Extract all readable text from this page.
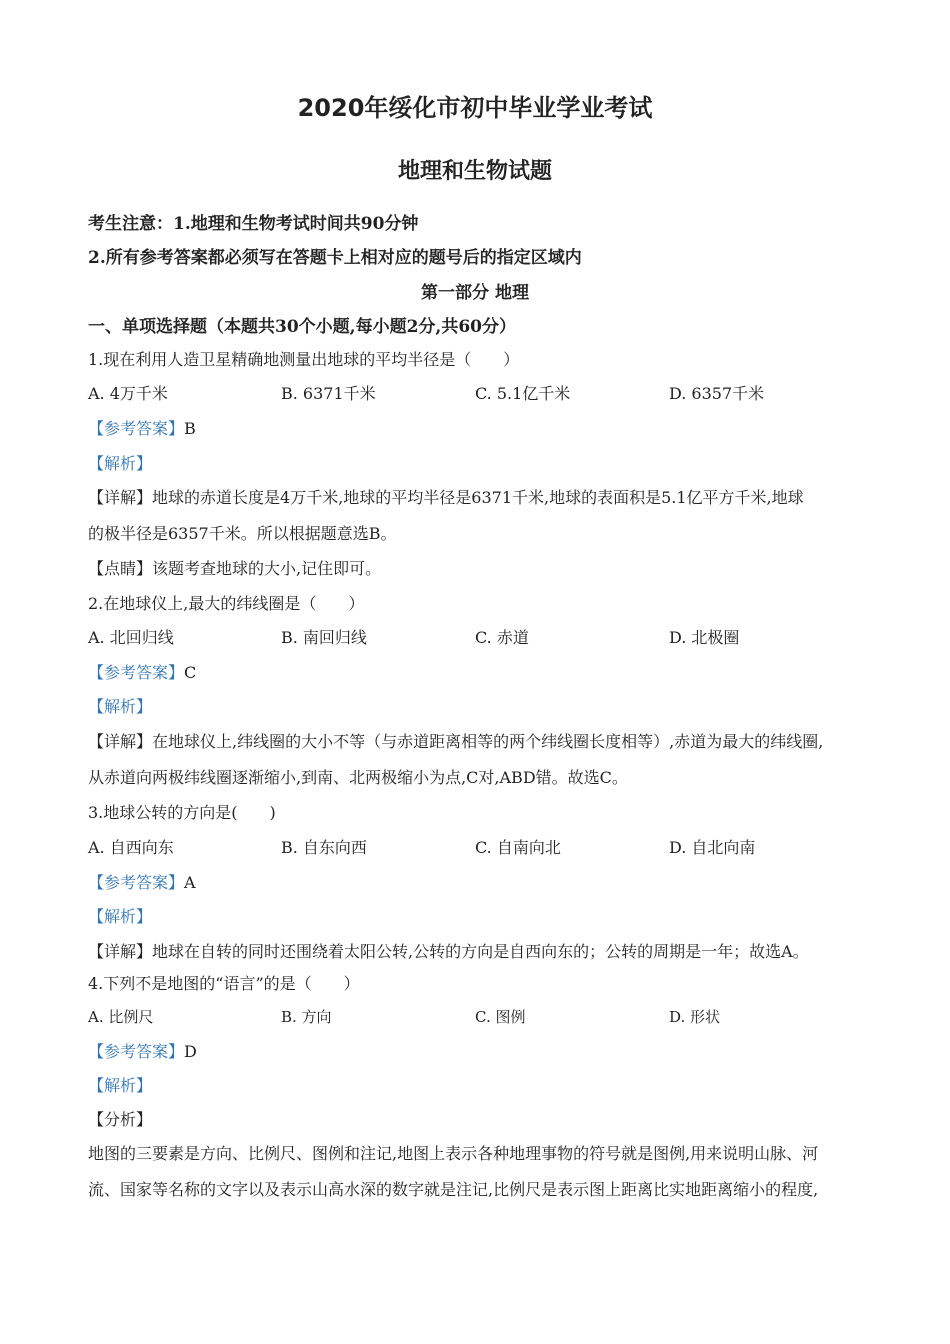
2020年绥化市初中毕业学业考试
地理和生物试题
考生注意：1.地理和生物考试时间共90分钟
2.所有参考答案都必须写在答题卡上相对应的题号后的指定区域内
第一部分 地理
一、单项选择题（本题共30个小题,每小题2分,共60分）
1.现在利用人造卫星精确地测量出地球的平均半径是（　　）
A. 4万千米	B. 6371千米	C. 5.1亿千米	D. 6357千米
【参考答案】B
【解析】
【详解】地球的赤道长度是4万千米,地球的平均半径是6371千米,地球的表面积是5.1亿平方千米,地球
的极半径是6357千米。所以根据题意选B。
【点睛】该题考查地球的大小,记住即可。
2.在地球仪上,最大的纬线圈是（　　）
A. 北回归线	B. 南回归线	C. 赤道	D. 北极圈
【参考答案】C
【解析】
【详解】在地球仪上,纬线圈的大小不等（与赤道距离相等的两个纬线圈长度相等）,赤道为最大的纬线圈,
从赤道向两极纬线圈逐渐缩小,到南、北两极缩小为点,C对,ABD错。故选C。
3.地球公转的方向是(　　)
A. 自西向东	B. 自东向西	C. 自南向北	D. 自北向南
【参考答案】A
【解析】
【详解】地球在自转的同时还围绕着太阳公转,公转的方向是自西向东的；公转的周期是一年；故选A。
4.下列不是地图的“语言”的是（　　）
A. 比例尺	B. 方向	C. 图例	D. 形状
【参考答案】D
【解析】
【分析】
地图的三要素是方向、比例尺、图例和注记,地图上表示各种地理事物的符号就是图例,用来说明山脉、河
流、国家等名称的文字以及表示山高水深的数字就是注记,比例尺是表示图上距离比实地距离缩小的程度,
